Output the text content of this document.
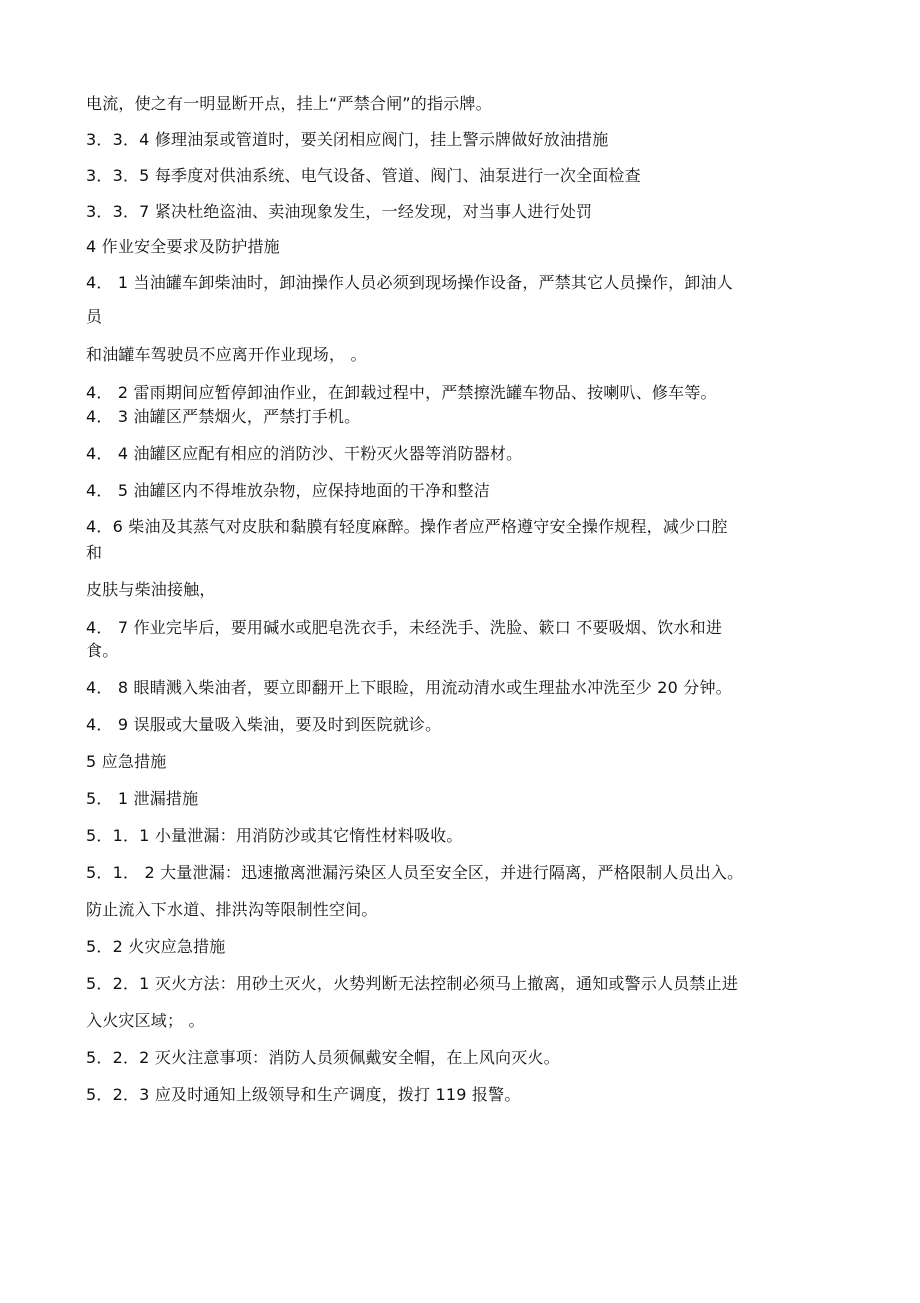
电流，使之有一明显断开点，挂上“严禁合闸”的指示牌。
3．3．4 修理油泵或管道时，要关闭相应阀门，挂上警示牌做好放油措施
3．3．5 每季度对供油系统、电气设备、管道、阀门、油泵进行一次全面检查
3．3．7 紧决杜绝盗油、卖油现象发生，一经发现，对当事人进行处罚
4 作业安全要求及防护措施
4． 1 当油罐车卸柴油时，卸油操作人员必须到现场操作设备，严禁其它人员操作，卸油人
员
和油罐车驾驶员不应离开作业现场， 。
4． 2 雷雨期间应暂停卸油作业，在卸载过程中，严禁擦洗罐车物品、按喇叭、修车等。
4． 3 油罐区严禁烟火，严禁打手机。
4． 4 油罐区应配有相应的消防沙、干粉灭火器等消防器材。
4． 5 油罐区内不得堆放杂物，应保持地面的干净和整洁
4．6 柴油及其蒸气对皮肤和黏膜有轻度麻醉。操作者应严格遵守安全操作规程，减少口腔
和
皮肤与柴油接触，
4． 7 作业完毕后，要用碱水或肥皂洗衣手，未经洗手、洗脸、簌口 不要吸烟、饮水和进
食。
4． 8 眼睛溅入柴油者，要立即翻开上下眼睑，用流动清水或生理盐水冲洗至少 20 分钟。
4． 9 误服或大量吸入柴油，要及时到医院就诊。
5 应急措施
5． 1 泄漏措施
5．1．1 小量泄漏：用消防沙或其它惰性材料吸收。
5．1． 2 大量泄漏：迅速撤离泄漏污染区人员至安全区，并进行隔离，严格限制人员出入。
防止流入下水道、排洪沟等限制性空间。
5．2 火灾应急措施
5．2．1 灭火方法：用砂土灭火，火势判断无法控制必须马上撤离，通知或警示人员禁止进
入火灾区域； 。
5．2．2 灭火注意事项：消防人员须佩戴安全帽，在上风向灭火。
5．2．3 应及时通知上级领导和生产调度，拨打 119 报警。
